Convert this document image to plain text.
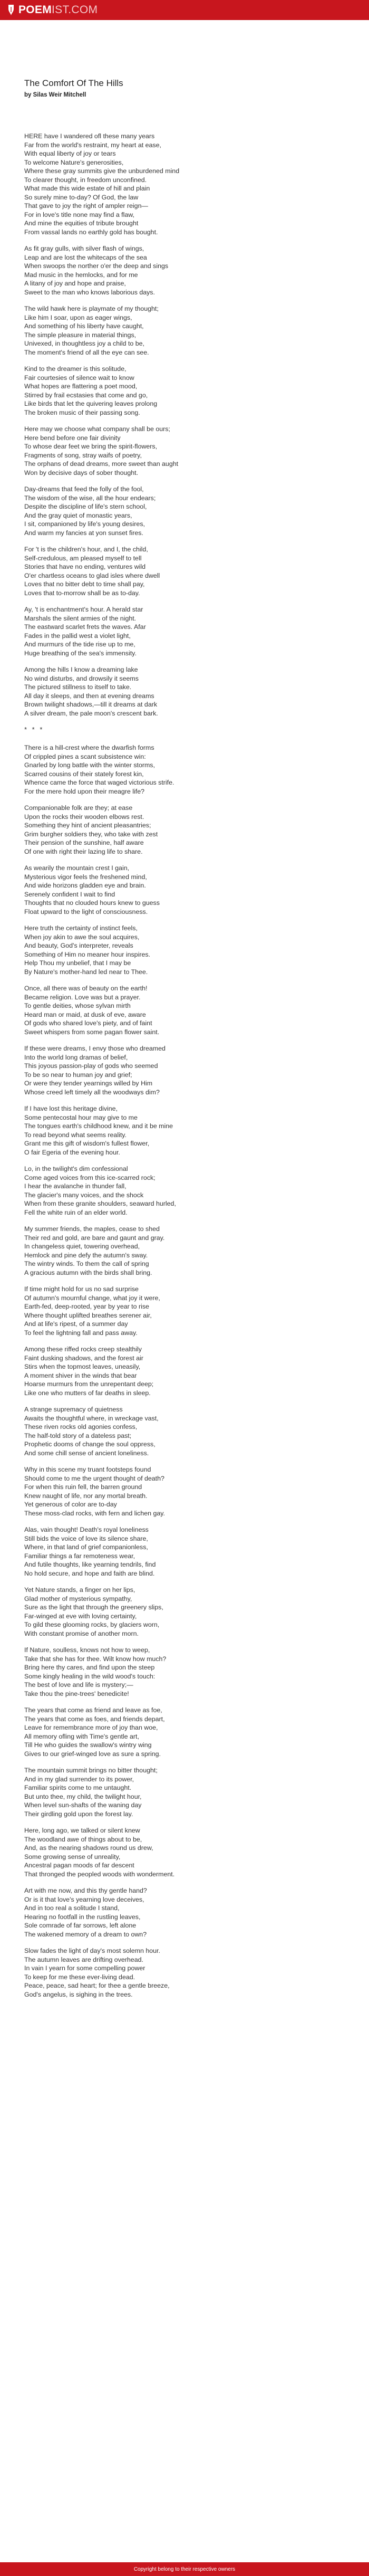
POEM IST.COM
The Comfort Of The Hills
by Silas Weir Mitchell
HERE have I wandered ofl these many years
Far from the world's restraint, my heart at ease,
With equal liberty of joy or tears
To welcome Nature's generosities,
Where these gray summits give the unburdened mind
To clearer thought, in freedom unconfined.
What made this wide estate of hill and plain
So surely mine to-day? Of God, the law
That gave to joy the right of ampler reign—
For in love's title none may find a flaw,
And mine the equities of tribute brought
From vassal lands no earthly gold has bought.
As fit gray gulls, with silver flash of wings,
Leap and are lost the whitecaps of the sea
When swoops the norther o'er the deep and sings
Mad music in the hemlocks, and for me
A litany of joy and hope and praise,
Sweet to the man who knows laborious days.
The wild hawk here is playmate of my thought;
Like him I soar, upon as eager wings,
And something of his liberty have caught,
The simple pleasure in material things,
Univexed, in thoughtless joy a child to be,
The moment's friend of all the eye can see.
Kind to the dreamer is this solitude,
Fair courtesies of silence wait to know
What hopes are flattering a poet mood,
Stirred by frail ecstasies that come and go,
Like birds that let the quivering leaves prolong
The broken music of their passing song.
Here may we choose what company shall be ours;
Here bend before one fair divinity
To whose dear feet we bring the spirit-flowers,
Fragments of song, stray waifs of poetry,
The orphans of dead dreams, more sweet than aught
Won by decisive days of sober thought.
Day-dreams that feed the folly of the fool,
The wisdom of the wise, all the hour endears;
Despite the discipline of life's stern school,
And the gray quiet of monastic years,
I sit, companioned by life's young desires,
And warm my fancies at yon sunset fires.
For 't is the children's hour, and I, the child,
Self-credulous, am pleased myself to tell
Stories that have no ending, ventures wild
O'er chartless oceans to glad isles where dwell
Loves that no bitter debt to time shall pay,
Loves that to-morrow shall be as to-day.
Ay, 't is enchantment's hour. A herald star
Marshals the silent armies of the night.
The eastward scarlet frets the waves. Afar
Fades in the pallid west a violet light,
And murmurs of the tide rise up to me,
Huge breathing of the sea's immensity.
Among the hills I know a dreaming lake
No wind disturbs, and drowsily it seems
The pictured stillness to itself to take.
All day it sleeps, and then at evening dreams
Brown twilight shadows,—till it dreams at dark
A silver dream, the pale moon's crescent bark.
* * *
There is a hill-crest where the dwarfish forms
Of crippled pines a scant subsistence win:
Gnarled by long battle with the winter storms,
Scarred cousins of their stately forest kin,
Whence came the force that waged victorious strife.
For the mere hold upon their meagre life?
Companionable folk are they; at ease
Upon the rocks their wooden elbows rest.
Something they hint of ancient pleasantries;
Grim burgher soldiers they, who take with zest
Their pension of the sunshine, half aware
Of one with right their lazing life to share.
As wearily the mountain crest I gain,
Mysterious vigor feels the freshened mind,
And wide horizons gladden eye and brain.
Serenely confident I wait to find
Thoughts that no clouded hours knew to guess
Float upward to the light of consciousness.
Here truth the certainty of instinct feels,
When joy akin to awe the soul acquires,
And beauty, God's interpreter, reveals
Something of Him no meaner hour inspires.
Help Thou my unbelief, that I may be
By Nature's mother-hand led near to Thee.
Once, all there was of beauty on the earth!
Became religion. Love was but a prayer.
To gentle deities, whose sylvan mirth
Heard man or maid, at dusk of eve, aware
Of gods who shared love's piety, and of faint
Sweet whispers from some pagan flower saint.
If these were dreams, I envy those who dreamed
Into the world long dramas of belief,
This joyous passion-play of gods who seemed
To be so near to human joy and grief;
Or were they tender yearnings willed by Him
Whose creed left timely all the woodways dim?
If I have lost this heritage divine,
Some pentecostal hour may give to me
The tongues earth's childhood knew, and it be mine
To read beyond what seems reality.
Grant me this gift of wisdom's fullest flower,
O fair Egeria of the evening hour.
Lo, in the twilight's dim confessional
Come aged voices from this ice-scarred rock;
I hear the avalanche in thunder fall,
The glacier's many voices, and the shock
When from these granite shoulders, seaward hurled,
Fell the white ruin of an elder world.
My summer friends, the maples, cease to shed
Their red and gold, are bare and gaunt and gray.
In changeless quiet, towering overhead,
Hemlock and pine defy the autumn's sway.
The wintry winds. To them the call of spring
A gracious autumn with the birds shall bring.
If time might hold for us no sad surprise
Of autumn's mournful change, what joy it were,
Earth-fed, deep-rooted, year by year to rise
Where thought uplifted breathes serener air,
And at life's ripest, of a summer day
To feel the lightning fall and pass away.
Among these riffed rocks creep stealthily
Faint dusking shadows, and the forest air
Stirs when the topmost leaves, uneasily,
A moment shiver in the winds that bear
Hoarse murmurs from the unrepentant deep;
Like one who mutters of far deaths in sleep.
A strange supremacy of quietness
Awaits the thoughtful where, in wreckage vast,
These riven rocks old agonies confess,
The half-told story of a dateless past;
Prophetic dooms of change the soul oppress,
And some chill sense of ancient loneliness.
Why in this scene my truant footsteps found
Should come to me the urgent thought of death?
For when this ruin fell, the barren ground
Knew naught of life, nor any mortal breath.
Yet generous of color are to-day
These moss-clad rocks, with fern and lichen gay.
Alas, vain thought! Death's royal loneliness
Still bids the voice of love its silence share,
Where, in that land of grief companionless,
Familiar things a far remoteness wear,
And futile thoughts, like yearning tendrils, find
No hold secure, and hope and faith are blind.
Yet Nature stands, a finger on her lips,
Glad mother of mysterious sympathy,
Sure as the light that through the greenery slips,
Far-winged at eve with loving certainty,
To gild these glooming rocks, by glaciers worn,
With constant promise of another morn.
If Nature, soulless, knows not how to weep,
Take that she has for thee. Wilt know how much?
Bring here thy cares, and find upon the steep
Some kingly healing in the wild wood's touch:
The best of love and life is mystery;—
Take thou the pine-trees' benedicite!
The years that come as friend and leave as foe,
The years that come as foes, and friends depart,
Leave for remembrance more of joy than woe,
All memory ofling with Time's gentle art,
Till He who guides the swallow's wintry wing
Gives to our grief-winged love as sure a spring.
The mountain summit brings no bitter thought;
And in my glad surrender to its power,
Familiar spirits come to me untaught.
But unto thee, my child, the twilight hour,
When level sun-shafts of the waning day
Their girdling gold upon the forest lay.
Here, long ago, we talked or silent knew
The woodland awe of things about to be,
And, as the nearing shadows round us drew,
Some growing sense of unreality,
Ancestral pagan moods of far descent
That thronged the peopled woods with wonderment.
Art with me now, and this thy gentle hand?
Or is it that love's yearning love deceives,
And in too real a solitude I stand,
Hearing no footfall in the rustling leaves,
Sole comrade of far sorrows, left alone
The wakened memory of a dream to own?
Slow fades the light of day's most solemn hour.
The autumn leaves are drifting overhead.
In vain I yearn for some compelling power
To keep for me these ever-living dead.
Peace, peace, sad heart; for thee a gentle breeze,
God's angelus, is sighing in the trees.
Copyright belong to their respective owners
